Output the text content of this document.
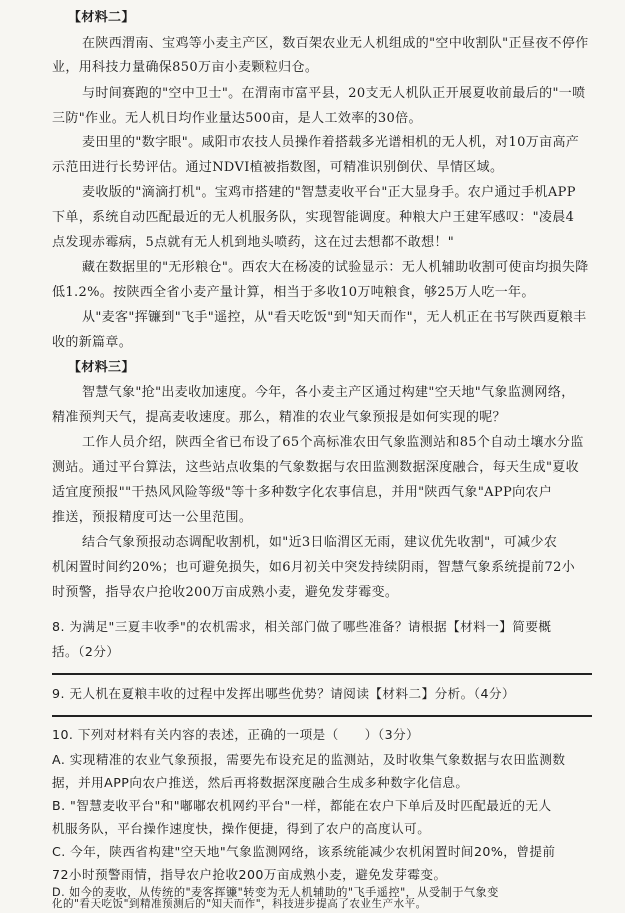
【材料二】
在陕西渭南、宝鸡等小麦主产区，数百架农业无人机组成的"空中收割队"正昼夜不停作
业，用科技力量确保850万亩小麦颗粒归仓。
与时间赛跑的"空中卫士"。在渭南市富平县，20支无人机队正开展夏收前最后的"一喷
三防"作业。无人机日均作业量达500亩，是人工效率的30倍。
麦田里的"数字眼"。咸阳市农技人员操作着搭载多光谱相机的无人机，对10万亩高产
示范田进行长势评估。通过NDVI植被指数图，可精准识别倒伏、旱情区域。
麦收版的"滴滴打机"。宝鸡市搭建的"智慧麦收平台"正大显身手。农户通过手机APP
下单，系统自动匹配最近的无人机服务队，实现智能调度。种粮大户王建军感叹："凌晨4
点发现赤霉病，5点就有无人机到地头喷药，这在过去想都不敢想！"
藏在数据里的"无形粮仓"。西农大在杨凌的试验显示：无人机辅助收割可使亩均损失降
低1.2%。按陕西全省小麦产量计算，相当于多收10万吨粮食，够25万人吃一年。
从"麦客"挥镰到"飞手"遥控，从"看天吃饭"到"知天而作"，无人机正在书写陕西夏粮丰
收的新篇章。
【材料三】
智慧气象"抢"出麦收加速度。今年，各小麦主产区通过构建"空天地"气象监测网络，
精准预判天气，提高麦收速度。那么，精准的农业气象预报是如何实现的呢？
工作人员介绍，陕西全省已布设了65个高标准农田气象监测站和85个自动土壤水分监
测站。通过平台算法，这些站点收集的气象数据与农田监测数据深度融合，每天生成"夏收
适宜度预报""干热风风险等级"等十多种数字化农事信息，并用"陕西气象"APP向农户
推送，预报精度可达一公里范围。
结合气象预报动态调配收割机，如"近3日临渭区无雨，建议优先收割"，可减少农
机闲置时间约20%；也可避免损失，如6月初关中突发持续阴雨，智慧气象系统提前72小
时预警，指导农户抢收200万亩成熟小麦，避免发芽霉变。
8. 为满足"三夏丰收季"的农机需求，相关部门做了哪些准备？请根据【材料一】简要概
括。（2分）
9. 无人机在夏粮丰收的过程中发挥出哪些优势？请阅读【材料二】分析。（4分）
10. 下列对材料有关内容的表述，正确的一项是（　　）（3分）
A. 实现精准的农业气象预报，需要先布设充足的监测站，及时收集气象数据与农田监测数
据，并用APP向农户推送，然后再将数据深度融合生成多种数字化信息。
B. "智慧麦收平台"和"嘟嘟农机网约平台"一样，都能在农户下单后及时匹配最近的无人
机服务队，平台操作速度快，操作便捷，得到了农户的高度认可。
C. 今年，陕西省构建"空天地"气象监测网络，该系统能减少农机闲置时间20%，曾提前
72小时预警雨情，指导农户抢收200万亩成熟小麦，避免发芽霉变。
D. 如今的麦收，从传统的"麦客挥镰"转变为无人机辅助的"飞手遥控"，从受制于气象变
化的"看天吃饭"到精准预测后的"知天而作"，科技进步提高了农业生产水平。
